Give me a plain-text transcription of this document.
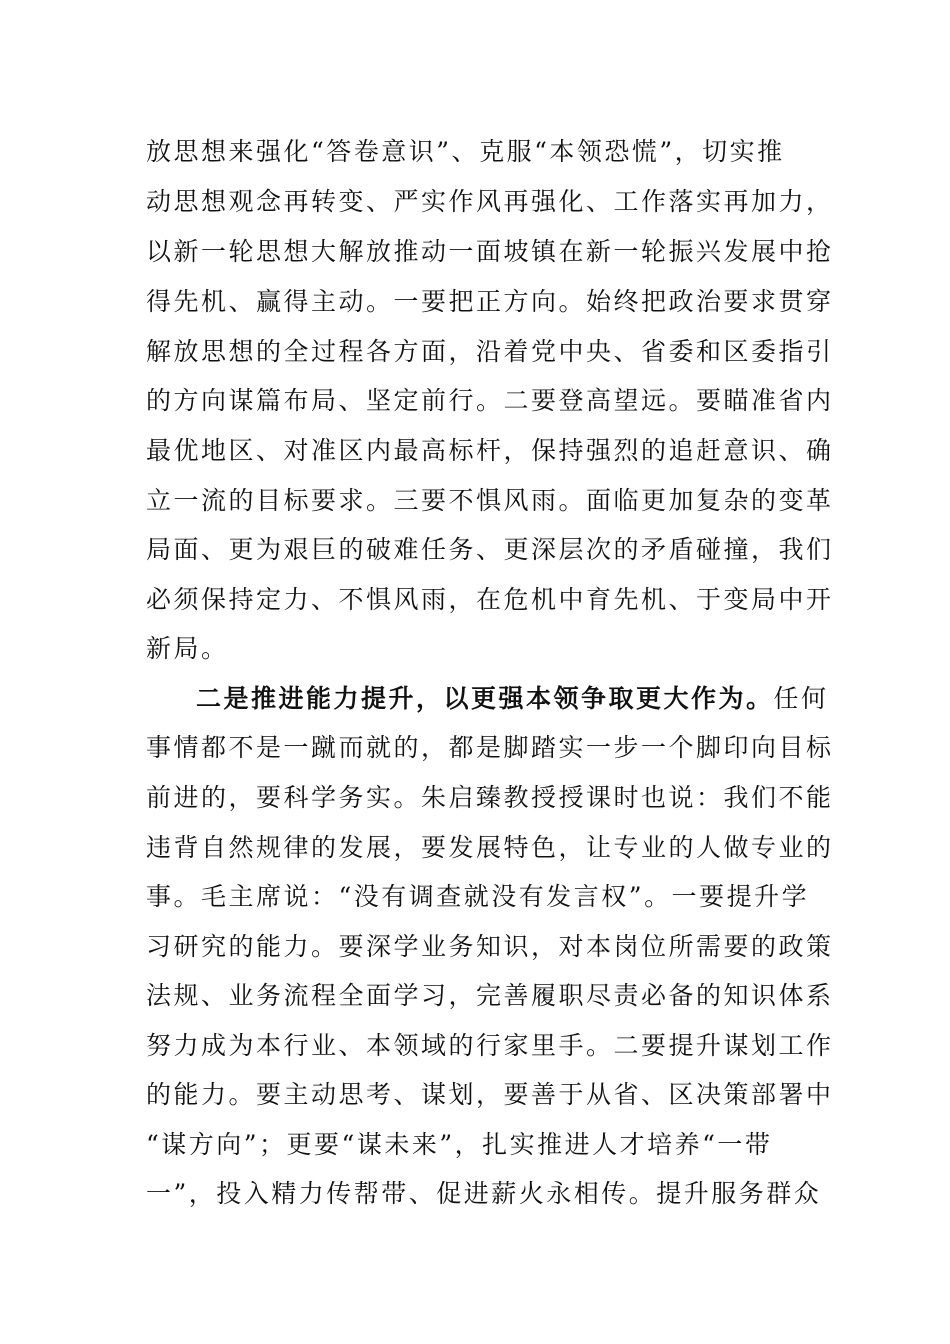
放思想来强化“答卷意识”、克服“本领恐慌”，切实推
动思想观念再转变、严实作风再强化、工作落实再加力，
以新一轮思想大解放推动一面坡镇在新一轮振兴发展中抢
得先机、赢得主动。一要把正方向。始终把政治要求贯穿
解放思想的全过程各方面，沿着党中央、省委和区委指引
的方向谋篇布局、坚定前行。二要登高望远。要瞄准省内
最优地区、对准区内最高标杆，保持强烈的追赶意识、确
立一流的目标要求。三要不惧风雨。面临更加复杂的变革
局面、更为艰巨的破难任务、更深层次的矛盾碰撞，我们
必须保持定力、不惧风雨，在危机中育先机、于变局中开
新局。
二是推进能力提升，以更强本领争取更大作为。任何
事情都不是一蹴而就的，都是脚踏实一步一个脚印向目标
前进的，要科学务实。朱启臻教授授课时也说：我们不能
违背自然规律的发展，要发展特色，让专业的人做专业的
事。毛主席说：“没有调查就没有发言权”。一要提升学
习研究的能力。要深学业务知识，对本岗位所需要的政策
法规、业务流程全面学习，完善履职尽责必备的知识体系
努力成为本行业、本领域的行家里手。二要提升谋划工作
的能力。要主动思考、谋划，要善于从省、区决策部署中
“谋方向”；更要“谋未来”，扎实推进人才培养“一带
一”，投入精力传帮带、促进薪火永相传。提升服务群众
